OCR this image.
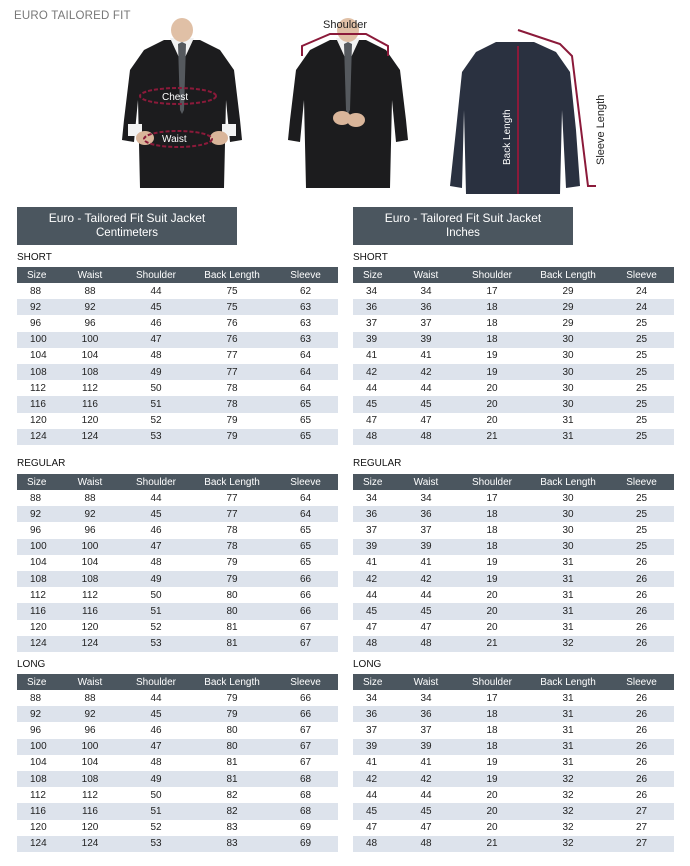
EURO TAILORED FIT
Chest
Waist
Shoulder
Back Length	Sleeve Length
Euro - Tailored Fit Suit Jacket
Centimeters
Euro - Tailored Fit Suit Jacket
Inches
SHORT
Size	Waist	Shoulder	Back Length	Sleeve
88	88	44	75	62
92	92	45	75	63
96	96	46	76	63
100	100	47	76	63
104	104	48	77	64
108	108	49	77	64
112	112	50	78	64
116	116	51	78	65
120	120	52	79	65
124	124	53	79	65
REGULAR
Size	Waist	Shoulder	Back Length	Sleeve
88	88	44	77	64
92	92	45	77	64
96	96	46	78	65
100	100	47	78	65
104	104	48	79	65
108	108	49	79	66
112	112	50	80	66
116	116	51	80	66
120	120	52	81	67
124	124	53	81	67
LONG
Size	Waist	Shoulder	Back Length	Sleeve
88	88	44	79	66
92	92	45	79	66
96	96	46	80	67
100	100	47	80	67
104	104	48	81	67
108	108	49	81	68
112	112	50	82	68
116	116	51	82	68
120	120	52	83	69
124	124	53	83	69
SHORT
Size	Waist	Shoulder	Back Length	Sleeve
34	34	17	29	24
36	36	18	29	24
37	37	18	29	25
39	39	18	30	25
41	41	19	30	25
42	42	19	30	25
44	44	20	30	25
45	45	20	30	25
47	47	20	31	25
48	48	21	31	25
REGULAR
Size	Waist	Shoulder	Back Length	Sleeve
34	34	17	30	25
36	36	18	30	25
37	37	18	30	25
39	39	18	30	25
41	41	19	31	26
42	42	19	31	26
44	44	20	31	26
45	45	20	31	26
47	47	20	31	26
48	48	21	32	26
LONG
Size	Waist	Shoulder	Back Length	Sleeve
34	34	17	31	26
36	36	18	31	26
37	37	18	31	26
39	39	18	31	26
41	41	19	31	26
42	42	19	32	26
44	44	20	32	26
45	45	20	32	27
47	47	20	32	27
48	48	21	32	27
